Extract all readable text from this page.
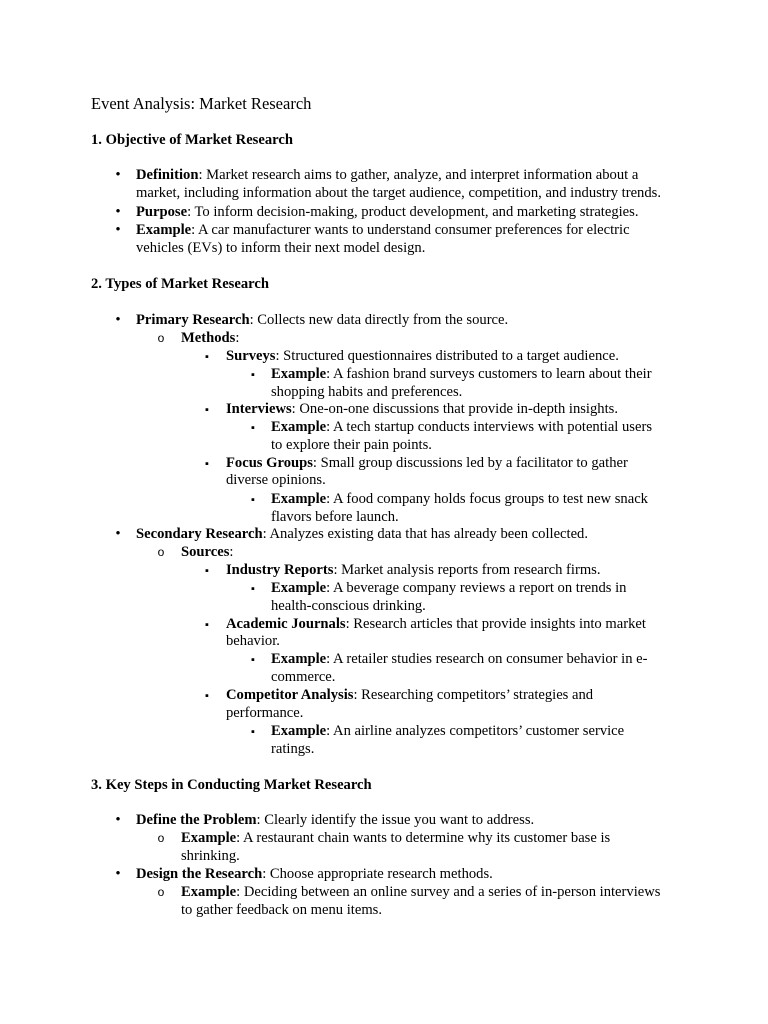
Event Analysis: Market Research
1. Objective of Market Research
•
Definition: Market research aims to gather, analyze, and interpret information about a
market, including information about the target audience, competition, and industry trends.
•
Purpose: To inform decision-making, product development, and marketing strategies.
•
Example: A car manufacturer wants to understand consumer preferences for electric
vehicles (EVs) to inform their next model design.
2. Types of Market Research
•
Primary Research: Collects new data directly from the source.
o Methods:
▪
Surveys: Structured questionnaires distributed to a target audience.
▪
Example: A fashion brand surveys customers to learn about their
shopping habits and preferences.
▪
Interviews: One-on-one discussions that provide in-depth insights.
▪
Example: A tech startup conducts interviews with potential users
to explore their pain points.
▪
Focus Groups: Small group discussions led by a facilitator to gather
diverse opinions.
▪
Example: A food company holds focus groups to test new snack
flavors before launch.
•
Secondary Research: Analyzes existing data that has already been collected.
o Sources:
▪
Industry Reports: Market analysis reports from research firms.
▪
Example: A beverage company reviews a report on trends in
health-conscious drinking.
▪
Academic Journals: Research articles that provide insights into market
behavior.
▪
Example: A retailer studies research on consumer behavior in e-
commerce.
▪
Competitor Analysis: Researching competitors’ strategies and
performance.
▪
Example: An airline analyzes competitors’ customer service
ratings.
3. Key Steps in Conducting Market Research
•
Define the Problem: Clearly identify the issue you want to address.
o Example: A restaurant chain wants to determine why its customer base is
shrinking.
•
Design the Research: Choose appropriate research methods.
o Example: Deciding between an online survey and a series of in-person interviews
to gather feedback on menu items.
